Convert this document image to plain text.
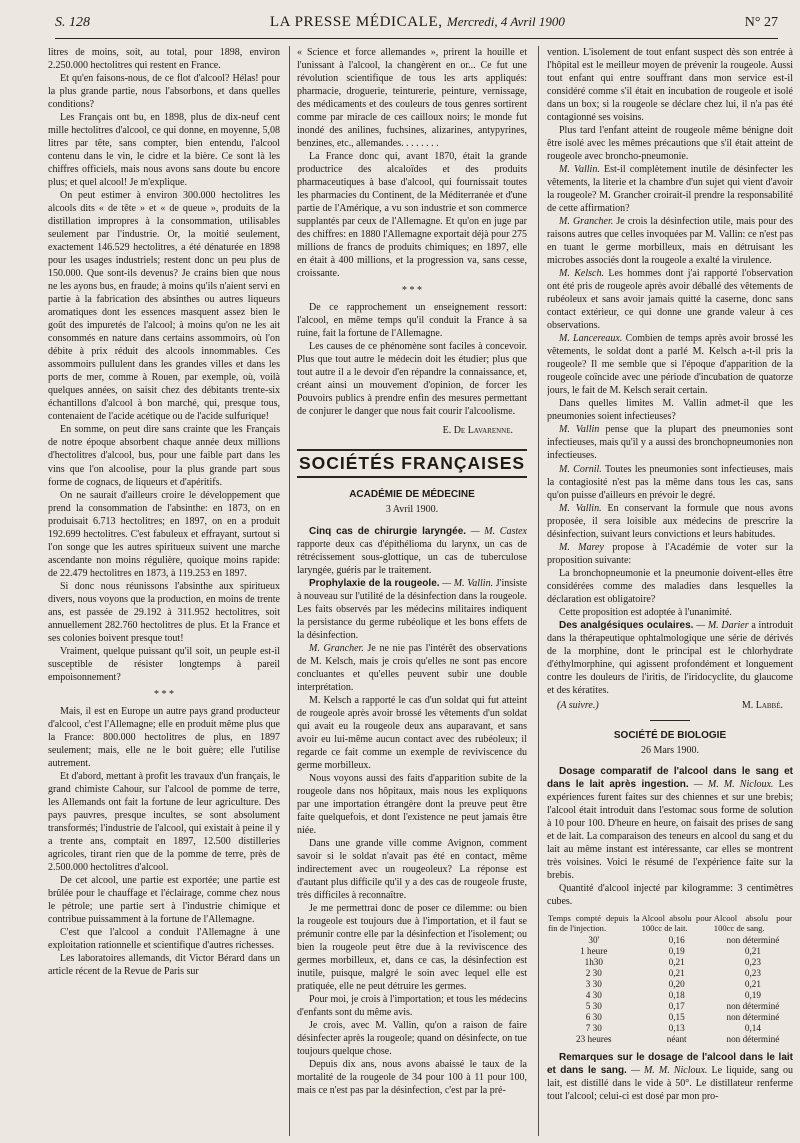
S. 128	LA PRESSE MÉDICALE, Mercredi, 4 Avril 1900	N° 27

litres de moins, soit, au total, pour 1898, environ 2.250.000 hectolitres qui restent en France.

Et qu'en faisons-nous, de ce flot d'alcool? Hélas! pour la plus grande partie, nous l'absorbons, et dans quelles conditions?

Les Français ont bu, en 1898, plus de dix-neuf cent mille hectolitres d'alcool, ce qui donne, en moyenne, 5,08 litres par tête, sans compter, bien entendu, l'alcool contenu dans le vin, le cidre et la bière. Ce sont là les chiffres officiels, mais nous avons sans doute bu encore plus; et quel alcool! Je m'explique.

On peut estimer à environ 300.000 hectolitres les alcools dits « de tête » et « de queue », produits de la distillation impropres à la consommation, utilisables seulement par l'industrie. Or, la moitié seulement, exactement 146.529 hectolitres, a été dénaturée en 1898 pour les usages industriels; restent donc un peu plus de 150.000. Que sont-ils devenus? Je crains bien que nous ne les ayons bus, en fraude; à moins qu'ils n'aient servi en partie à la fabrication des absinthes ou autres liqueurs aromatiques dont les essences masquent assez bien le goût des impuretés de l'alcool; à moins qu'on ne les ait consommés en nature dans certains assommoirs, où l'on débite à prix réduit des alcools innommables. Ces assommoirs pullulent dans les grandes villes et dans les ports de mer, comme à Rouen, par exemple, où, voilà quelques années, on saisit chez des débitants trente-six échantillons d'alcool à bon marché, qui, presque tous, contenaient de l'acide acétique ou de l'acide sulfurique!

En somme, on peut dire sans crainte que les Français de notre époque absorbent chaque année deux millions d'hectolitres d'alcool, bus, pour une faible part dans les vins que l'on alcoolise, pour la plus grande part sous forme de cognacs, de liqueurs et d'apéritifs.

On ne saurait d'ailleurs croire le développement que prend la consommation de l'absinthe: en 1873, on en produisait 6.713 hectolitres; en 1897, on en a produit 192.699 hectolitres. C'est fabuleux et effrayant, surtout si l'on songe que les autres spiritueux suivent une marche ascendante non moins régulière, quoique moins rapide: de 22.479 hectolitres en 1873, à 119.253 en 1897.

Si donc nous réunissons l'absinthe aux spiritueux divers, nous voyons que la production, en moins de trente ans, est passée de 29.192 à 311.952 hectolitres, soit annuellement 282.760 hectolitres de plus. Et la France et ses colonies boivent presque tout!

Vraiment, quelque puissant qu'il soit, un peuple est-il susceptible de résister longtemps à pareil empoisonnement?

* * *

Mais, il est en Europe un autre pays grand producteur d'alcool, c'est l'Allemagne; elle en produit même plus que la France: 800.000 hectolitres de plus, en 1897 seulement; mais, elle ne le boit guère; elle l'utilise autrement.

Et d'abord, mettant à profit les travaux d'un français, le grand chimiste Cahour, sur l'alcool de pomme de terre, les Allemands ont fait la fortune de leur agriculture. Des pays pauvres, presque incultes, se sont absolument transformés; l'industrie de l'alcool, qui existait à peine il y a trente ans, comptait en 1897, 12.500 distilleries agricoles, tirant rien que de la pomme de terre, près de 2.500.000 hectolitres d'alcool.

De cet alcool, une partie est exportée; une partie est brûlée pour le chauffage et l'éclairage, comme chez nous le pétrole; une partie sert à l'industrie chimique et contribue puissamment à la fortune de l'Allemagne.

C'est que l'alcool a conduit l'Allemagne à une exploitation rationnelle et scientifique d'autres richesses.

Les laboratoires allemands, dit Victor Bérard dans un article récent de la Revue de Paris sur

« Science et force allemandes », prirent la houille et l'unissant à l'alcool, la changèrent en or... Ce fut une révolution scientifique de tous les arts appliqués: pharmacie, droguerie, teinturerie, peinture, vernissage, des médicaments et des couleurs de tous genres sortirent comme par miracle de ces cailloux noirs; le monde fut inondé des anilines, fuchsines, alizarines, antypyrines, benzines, etc., allemandes. . . . . . . .

La France donc qui, avant 1870, était la grande productrice des alcaloïdes et des produits pharmaceutiques à base d'alcool, qui fournissait toutes les pharmacies du Continent, de la Méditerranée et d'une partie de l'Amérique, a vu son industrie et son commerce supplantés par ceux de l'Allemagne. Et qu'on en juge par des chiffres: en 1880 l'Allemagne exportait déjà pour 275 millions de francs de produits chimiques; en 1897, elle en était à 400 millions, et la progression va, sans cesse, croissante.

* * *

De ce rapprochement un enseignement ressort: l'alcool, en même temps qu'il conduit la France à sa ruine, fait la fortune de l'Allemagne.

Les causes de ce phénomène sont faciles à concevoir. Plus que tout autre le médecin doit les étudier; plus que tout autre il a le devoir d'en répandre la connaissance, et, créant ainsi un mouvement d'opinion, de forcer les Pouvoirs publics à prendre enfin des mesures permettant de conjurer le danger que nous fait courir l'alcoolisme.

E. De Lavarenne.
SOCIÉTÉS FRANÇAISES
ACADÉMIE DE MÉDECINE
3 Avril 1900.

Cinq cas de chirurgie laryngée. — M. Castex rapporte deux cas d'épithélioma du larynx, un cas de rétrécissement sous-glottique, un cas de tuberculose laryngée, guéris par le traitement.

Prophylaxie de la rougeole. — M. Vallin. J'insiste à nouveau sur l'utilité de la désinfection dans la rougeole. Les faits observés par les médecins militaires indiquent la persistance du germe rubéolique et les bons effets de la désinfection.

M. Grancher. Je ne nie pas l'intérêt des observations de M. Kelsch, mais je crois qu'elles ne sont pas encore concluantes et qu'elles peuvent subir une double interprétation.

M. Kelsch a rapporté le cas d'un soldat qui fut atteint de rougeole après avoir brossé les vêtements d'un soldat qui avait eu la rougeole deux ans auparavant, et sans avoir eu lui-même aucun contact avec des rubéoleux; il regarde ce fait comme un exemple de reviviscence du germe morbilleux.

Nous voyons aussi des faits d'apparition subite de la rougeole dans nos hôpitaux, mais nous les expliquons par une importation étrangère dont la preuve peut être faite quelquefois, et dont l'existence ne peut jamais être niée.

Dans une grande ville comme Avignon, comment savoir si le soldat n'avait pas été en contact, même indirectement avec un rougeoleux? La réponse est d'autant plus difficile qu'il y a des cas de rougeole fruste, très difficiles à reconnaître.

Je me permettrai donc de poser ce dilemme: ou bien la rougeole est toujours due à l'importation, et il faut se prémunir contre elle par la désinfection et l'isolement; ou bien la rougeole peut être due à la reviviscence des germes morbilleux, et, dans ce cas, la désinfection est inutile, puisque, malgré le soin avec lequel elle est pratiquée, elle ne peut détruire les germes.

Pour moi, je crois à l'importation; et tous les médecins d'enfants sont du même avis.

Je crois, avec M. Vallin, qu'on a raison de faire désinfecter après la rougeole; quand on désinfecte, on tue toujours quelque chose.

Depuis dix ans, nous avons abaissé le taux de la mortalité de la rougeole de 34 pour 100 à 11 pour 100, mais ce n'est pas par la désinfection, c'est par la pré-

vention. L'isolement de tout enfant suspect dès son entrée à l'hôpital est le meilleur moyen de prévenir la rougeole. Aussi tout enfant qui entre souffrant dans mon service est-il considéré comme s'il était en incubation de rougeole et isolé dans un box; si la rougeole se déclare chez lui, il n'a pas été contagionné ses voisins.

Plus tard l'enfant atteint de rougeole même bénigne doit être isolé avec les mêmes précautions que s'il était atteint de rougeole avec broncho-pneumonie.

M. Vallin. Est-il complètement inutile de désinfecter les vêtements, la literie et la chambre d'un sujet qui vient d'avoir la rougeole? M. Grancher croirait-il prendre la responsabilité de cette affirmation?

M. Grancher. Je crois la désinfection utile, mais pour des raisons autres que celles invoquées par M. Vallin: ce n'est pas en tuant le germe morbilleux, mais en détruisant les microbes associés dont la rougeole a exalté la virulence.

M. Kelsch. Les hommes dont j'ai rapporté l'observation ont été pris de rougeole après avoir déballé des vêtements de rubéoleux et sans avoir jamais quitté la caserne, donc sans contact extérieur, ce qui donne une grande valeur à ces observations.

M. Lancereaux. Combien de temps après avoir brossé les vêtements, le soldat dont a parlé M. Kelsch a-t-il pris la rougeole? Il me semble que si l'époque d'apparition de la rougeole coïncide avec une période d'incubation de quatorze jours, le fait de M. Kelsch serait certain.

Dans quelles limites M. Vallin admet-il que les pneumonies soient infectieuses?

M. Vallin pense que la plupart des pneumonies sont infectieuses, mais qu'il y a aussi des bronchopneumonies non infectieuses.

M. Cornil. Toutes les pneumonies sont infectieuses, mais la contagiosité n'est pas la même dans tous les cas, sans qu'on puisse d'ailleurs en prévoir le degré.

M. Vallin. En conservant la formule que nous avons proposée, il sera loisible aux médecins de prescrire la désinfection, suivant leurs convictions et leurs habitudes.

M. Marey propose à l'Académie de voter sur la proposition suivante:

La bronchopneumonie et la pneumonie doivent-elles être considérées comme des maladies dans lesquelles la déclaration est obligatoire?

Cette proposition est adoptée à l'unanimité.

Des analgésiques oculaires. — M. Darier a introduit dans la thérapeutique ophtalmologique une série de dérivés de la morphine, dont le principal est le chlorhydrate d'éthylmorphine, qui agissent profondément et longuement contre les douleurs de l'iritis, de l'iridocyclite, du glaucome et des kératites.

(A suivre.)	M. Labbé.
SOCIÉTÉ DE BIOLOGIE
26 Mars 1900.

Dosage comparatif de l'alcool dans le sang et dans le lait après ingestion. — M. M. Nicloux. Les expériences furent faites sur des chiennes et sur une brebis; l'alcool était introduit dans l'estomac sous forme de solution à 10 pour 100. D'heure en heure, on faisait des prises de sang et de lait. La comparaison des teneurs en alcool du sang et du lait au même instant est intéressante, car elles se montrent très voisines. Voici le résumé de l'expérience faite sur la brebis.

Quantité d'alcool injecté par kilogramme: 3 centimètres cubes.

Temps compté depuis la fin de l'injection.	Alcool absolu pour 100cc de lait.	Alcool absolu pour 100cc de sang.
30'	0,16	non déterminé
1 heure	0,19	0,21
1h30	0,21	0,23
2 30	0,21	0,23
3 30	0,20	0,21
4 30	0,18	0,19
5 30	0,17	non déterminé
6 30	0,15	non déterminé
7 30	0,13	0,14
23 heures	néant	non déterminé

Remarques sur le dosage de l'alcool dans le lait et dans le sang. — M. M. Nicloux. Le liquide, sang ou lait, est distillé dans le vide à 50°. Le distillateur renferme tout l'alcool; celui-ci est dosé par mon pro-
